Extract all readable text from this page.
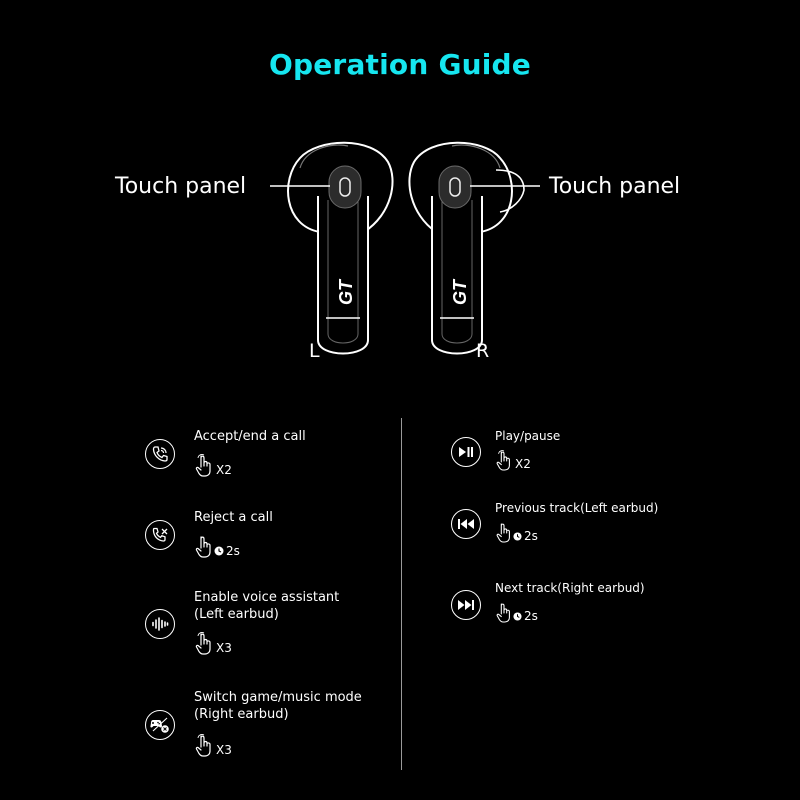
Operation Guide
GT	GT
Touch panel	Touch panel
L	R
Accept/end a call
X2
Reject a call
2s
Enable voice assistant
(Left earbud)
X3
Switch game/music mode
(Right earbud)
X3
Play/pause
X2
Previous track(Left earbud)
2s
Next track(Right earbud)
2s
